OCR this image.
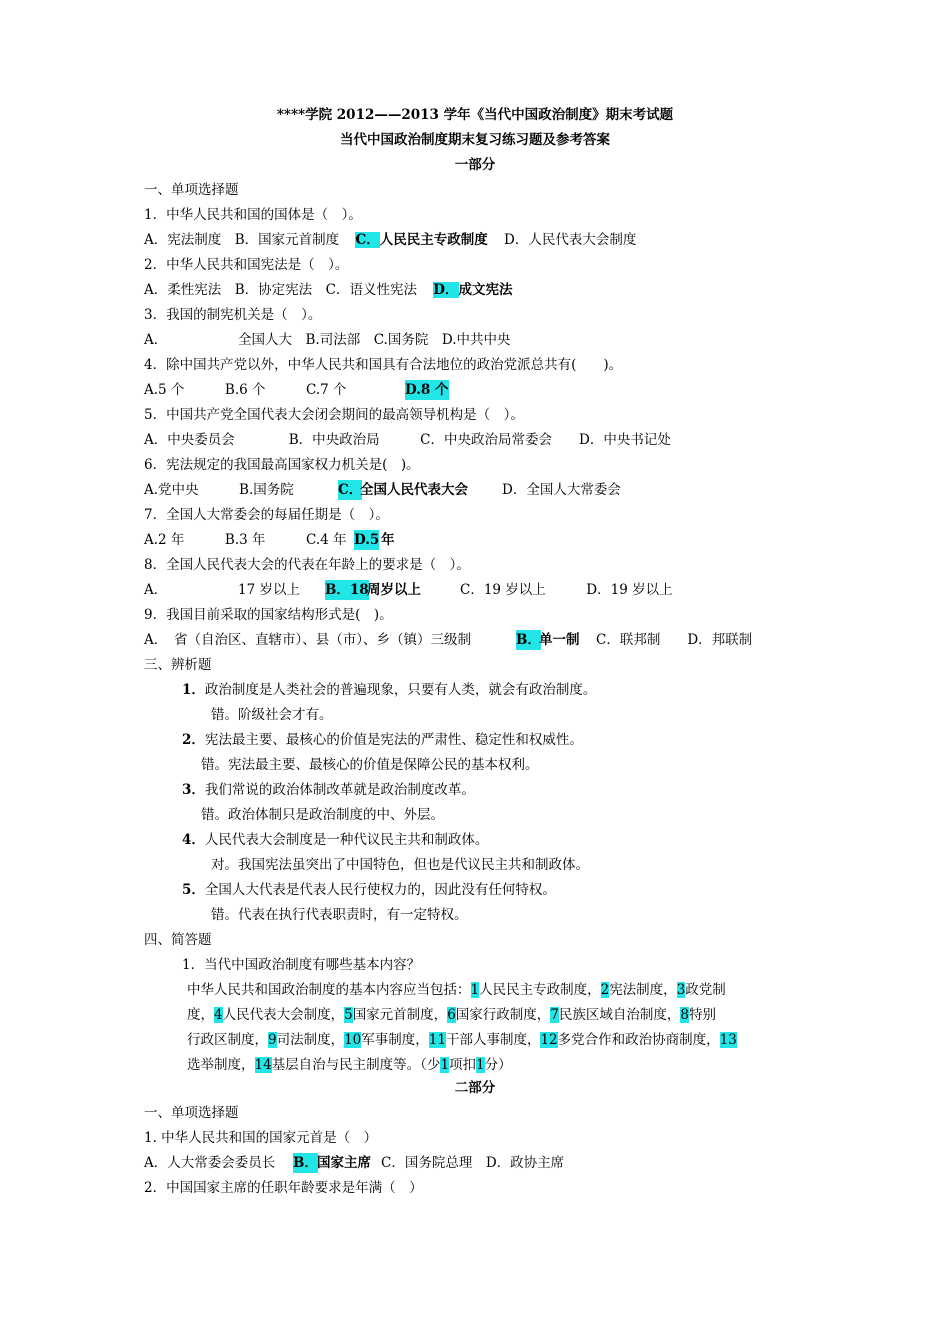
****学院 2012——2013 学年《当代中国政治制度》期末考试题
当代中国政治制度期末复习练习题及参考答案
一部分
一、单项选择题
1．中华人民共和国的国体是（　）。
A．宪法制度　B．国家元首制度 C．人民民主专政制度 D．人民代表大会制度
2．中华人民共和国宪法是（　）。
A．柔性宪法　B．协定宪法　C．语义性宪法 D．成文宪法
3．我国的制宪机关是（　）。
A．	全国人大　B.司法部　C.国务院　D.中共中央
4．除中国共产党以外，中华人民共和国具有合法地位的政治党派总共有(　　)。
A.5 个　　　B.6 个　　　C.7 个	D.8 个
5．中国共产党全国代表大会闭会期间的最高领导机构是（　）。
A．中央委员会　　　　B．中央政治局　　　C．中央政治局常委会　　D．中央书记处
6．宪法规定的我国最高国家权力机关是(　)。
A.党中央　　　B.国务院	C．
全国人民代表大会	D．全国人大常委会
7．全国人大常委会的每届任期是（　）。
A.2 年　　　B.3 年　　　C.4 年 D.5 年
8．全国人民代表大会的代表在年龄上的要求是（　）。
A．	17 岁以上 B．18
周岁以上	C．19 岁以上　　　D．19 岁以上
9．我国目前采取的国家结构形式是(　)。
A．　省（自治区、直辖市）、县（市）、乡（镇）三级制	B．
单一制 C．联邦制　　D．邦联制
三、辨析题
1．政治制度是人类社会的普遍现象，只要有人类，就会有政治制度。
错。阶级社会才有。
2．宪法最主要、最核心的价值是宪法的严肃性、稳定性和权威性。
错。宪法最主要、最核心的价值是保障公民的基本权利。
3．我们常说的政治体制改革就是政治制度改革。
错。政治体制只是政治制度的中、外层。
4．人民代表大会制度是一种代议民主共和制政体。
对。我国宪法虽突出了中国特色，但也是代议民主共和制政体。
5．全国人大代表是代表人民行使权力的，因此没有任何特权。
错。代表在执行代表职责时，有一定特权。
四、简答题
1．当代中国政治制度有哪些基本内容？
中华人民共和国政治制度的基本内容应当包括：1人民民主专政制度，2宪法制度，3政党制
度，4人民代表大会制度，5国家元首制度，6国家行政制度，7民族区域自治制度，8特别
行政区制度，9司法制度，10军事制度，11干部人事制度，12多党合作和政治协商制度，13
选举制度，14基层自治与民主制度等。（少1项扣1分）
二部分
一、单项选择题
1. 中华人民共和国的国家元首是（　）
A．人大常委会委员长 B． 国家主席 C．国务院总理　D．政协主席
2．中国国家主席的任职年龄要求是年满（　）
